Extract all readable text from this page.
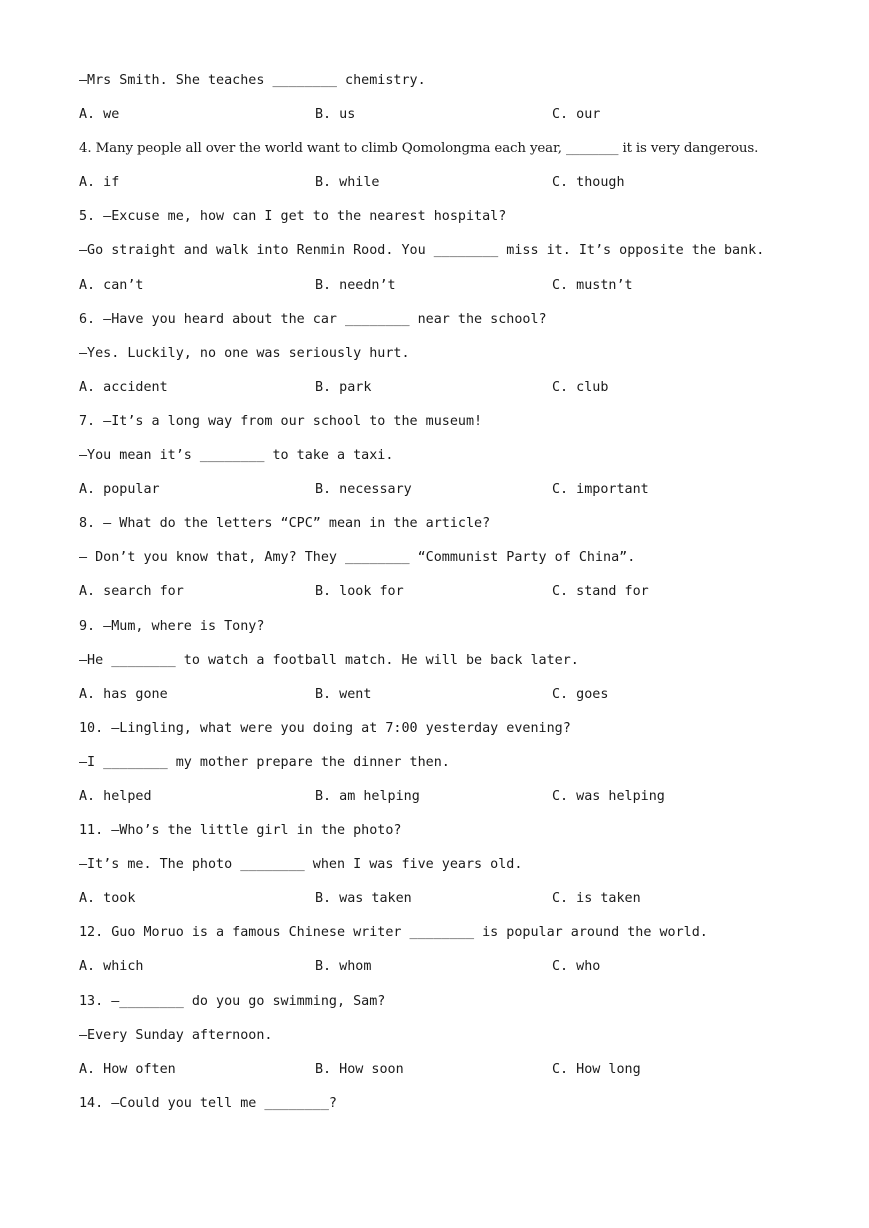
—Mrs Smith. She teaches ________ chemistry.

A. we

	B. us

	C. our

4. Many people all over the world want to climb Qomolongma each year, ________ it is very dangerous.

A. if

	B. while

	C. though

5. —Excuse me, how can I get to the nearest hospital?
—Go straight and walk into Renmin Rood. You ________ miss it. It’s opposite the bank.

A. can’t

	B. needn’t

	C. mustn’t

6. —Have you heard about the car ________ near the school?
—Yes. Luckily, no one was seriously hurt.

A. accident

	B. park

	C. club

7. —It’s a long way from our school to the museum!
—You mean it’s ________ to take a taxi.

A. popular

	B. necessary

	C. important

8. — What do the letters “CPC” mean in the article?
— Don’t you know that, Amy? They ________ “Communist Party of China”.

A. search for

	B. look for

	C. stand for

9. —Mum, where is Tony?
—He ________ to watch a football match. He will be back later.

A. has gone

	B. went

	C. goes

10. —Lingling, what were you doing at 7:00 yesterday evening?
—I ________ my mother prepare the dinner then.

A. helped

	B. am helping

	C. was helping

11. —Who’s the little girl in the photo?
—It’s me. The photo ________ when I was five years old.

A. took

	B. was taken

	C. is taken

12. Guo Moruo is a famous Chinese writer ________ is popular around the world.

A. which

	B. whom

	C. who

13. —________ do you go swimming, Sam?
—Every Sunday afternoon.

A. How often

	B. How soon

	C. How long

14. —Could you tell me ________?
